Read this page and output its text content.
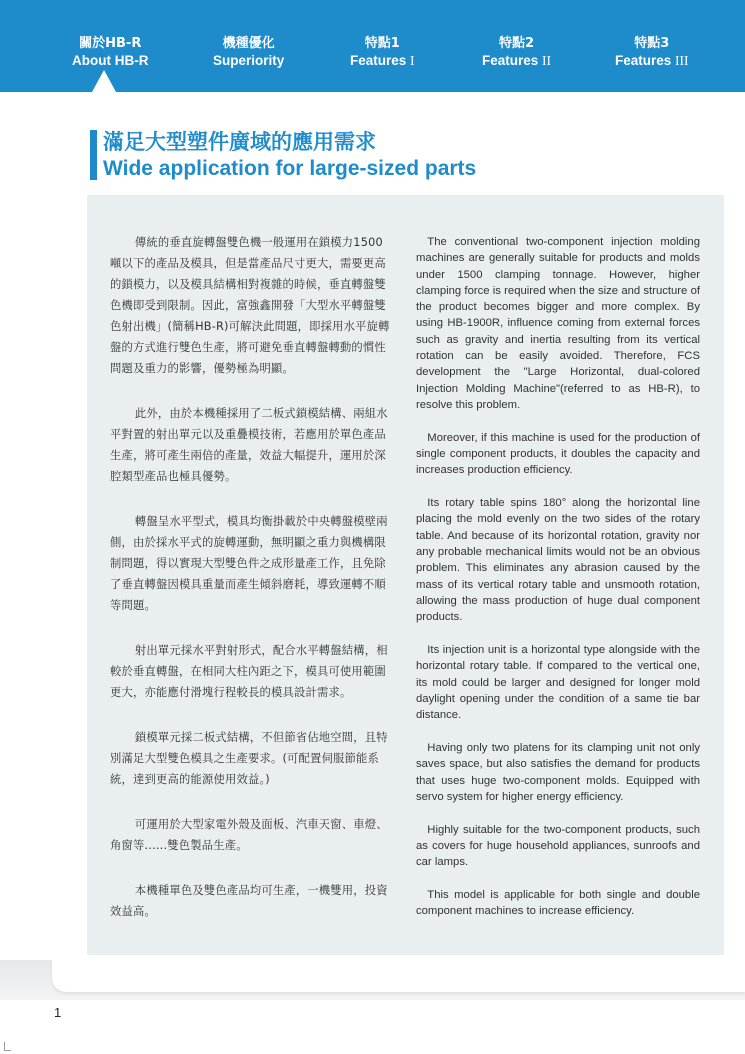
關於HB-R
About HB-R
機種優化
Superiority
特點1
Features I
特點2
Features II
特點3
Features III
滿足大型塑件廣域的應用需求
Wide application for large-sized parts

傳統的垂直旋轉盤雙色機一般運用在鎖模力1500噸以下的產品及模具，但是當產品尺寸更大，需要更高的鎖模力，以及模具結構相對複雜的時候，垂直轉盤雙色機即受到限制。因此，富強鑫開發「大型水平轉盤雙色射出機」(簡稱HB-R)可解決此問題，即採用水平旋轉盤的方式進行雙色生產，將可避免垂直轉盤轉動的慣性問題及重力的影響，優勢極為明顯。

此外，由於本機種採用了二板式鎖模結構、兩組水平對置的射出單元以及重疊模技術，若應用於單色產品生產，將可產生兩倍的產量，效益大幅提升，運用於深腔類型產品也極具優勢。

轉盤呈水平型式，模具均衡掛載於中央轉盤模壁兩側，由於採水平式的旋轉運動，無明顯之重力與機構限制問題，得以實現大型雙色件之成形量產工作，且免除了垂直轉盤因模具重量而產生傾斜磨耗，導致運轉不順等問題。

射出單元採水平對射形式，配合水平轉盤結構，相較於垂直轉盤，在相同大柱內距之下，模具可使用範圍更大，亦能應付滑塊行程較長的模具設計需求。

鎖模單元採二板式結構，不但節省佔地空間，且特別滿足大型雙色模具之生產要求。(可配置伺服節能系統，達到更高的能源使用效益。)

可運用於大型家電外殼及面板、汽車天窗、車燈、角窗等......雙色製品生產。

本機種單色及雙色產品均可生產，一機雙用，投資效益高。

The conventional two-component injection molding machines are generally suitable for products and molds under 1500 clamping tonnage. However, higher clamping force is required when the size and structure of the product becomes bigger and more complex. By using HB-1900R, influence coming from external forces such as gravity and inertia resulting from its vertical rotation can be easily avoided. Therefore, FCS development the "Large Horizontal, dual-colored Injection Molding Machine"(referred to as HB-R), to resolve this problem.

Moreover, if this machine is used for the production of single component products, it doubles the capacity and increases production efficiency.

Its rotary table spins 180° along the horizontal line placing the mold evenly on the two sides of the rotary table. And because of its horizontal rotation, gravity nor any probable mechanical limits would not be an obvious problem. This eliminates any abrasion caused by the mass of its vertical rotary table and unsmooth rotation, allowing the mass production of huge dual component products.

Its injection unit is a horizontal type alongside with the horizontal rotary table. If compared to the vertical one, its mold could be larger and designed for longer mold daylight opening under the condition of a same tie bar distance.

Having only two platens for its clamping unit not only saves space, but also satisfies the demand for products that uses huge two-component molds. Equipped with servo system for higher energy efficiency.

Highly suitable for the two-component products, such as covers for huge household appliances, sunroofs and car lamps.

This model is applicable for both single and double component machines to increase efficiency.

1
